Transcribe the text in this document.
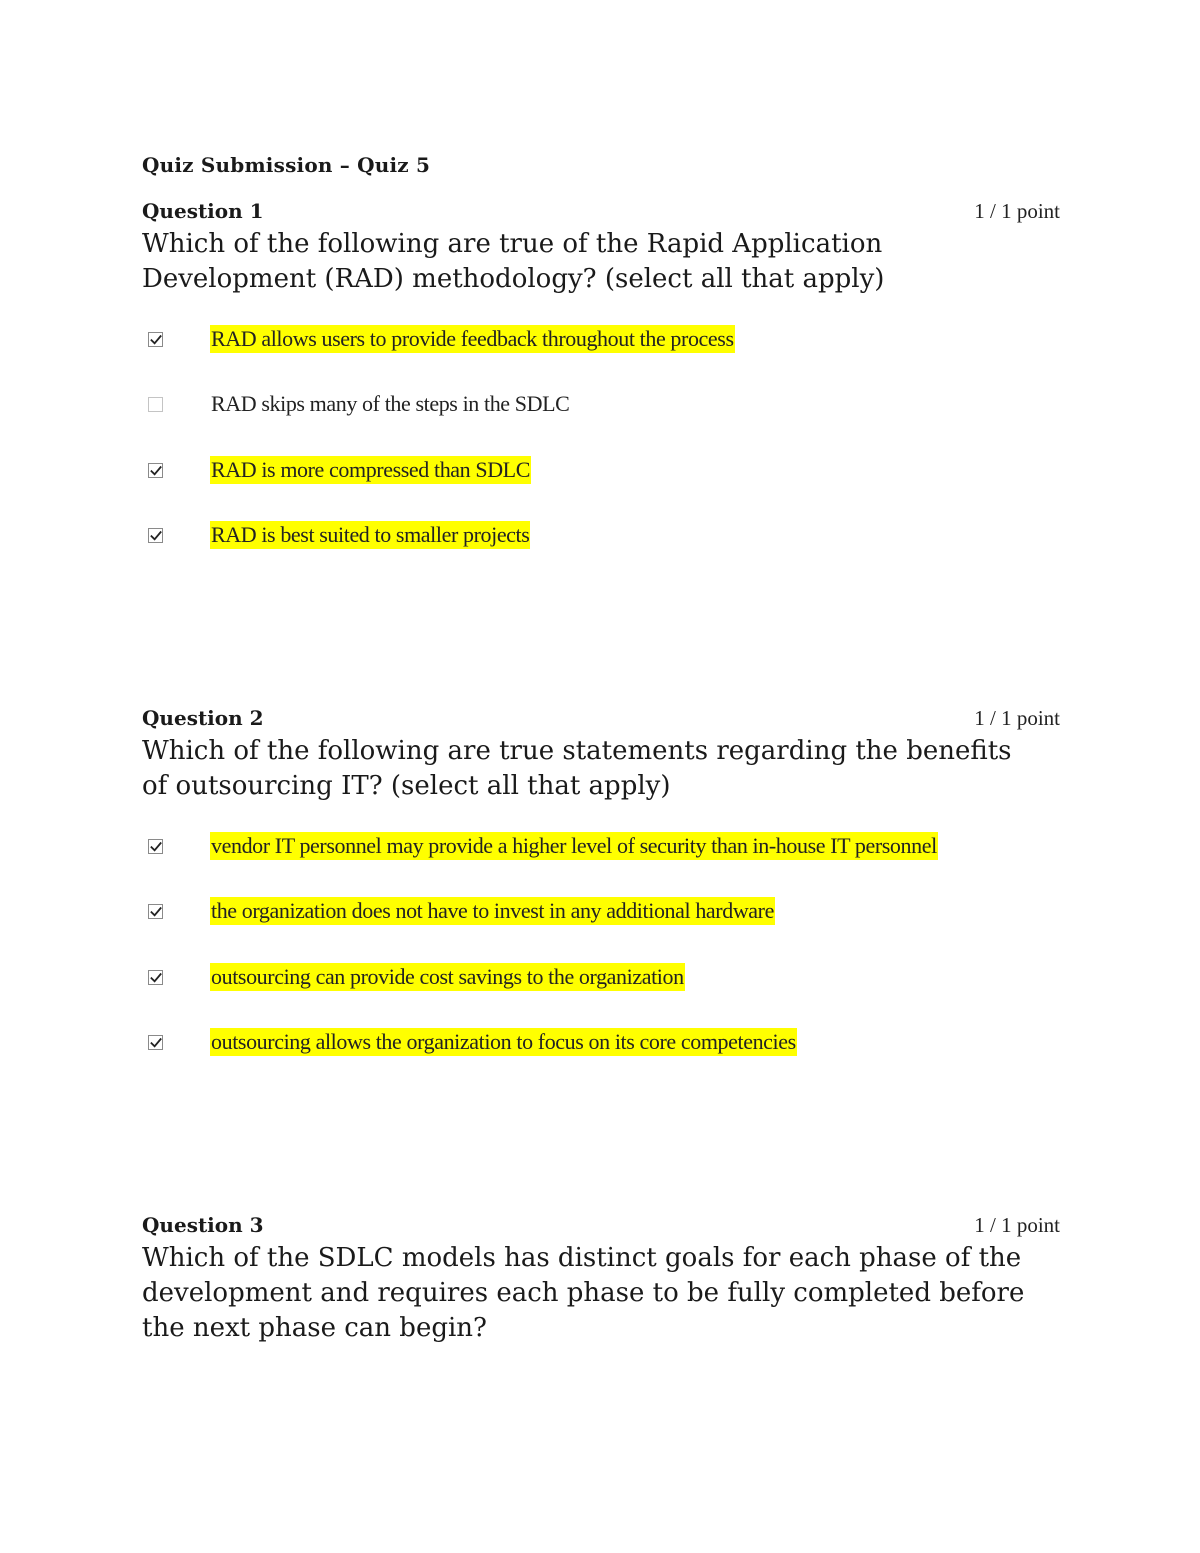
Quiz Submission – Quiz 5
Question 1	1 / 1 point
Which of the following are true of the Rapid Application Development (RAD) methodology? (select all that apply)
RAD allows users to provide feedback throughout the process
RAD skips many of the steps in the SDLC
RAD is more compressed than SDLC
RAD is best suited to smaller projects
Question 2	1 / 1 point
Which of the following are true statements regarding the benefits of outsourcing IT? (select all that apply)
vendor IT personnel may provide a higher level of security than in-house IT personnel
the organization does not have to invest in any additional hardware
outsourcing can provide cost savings to the organization
outsourcing allows the organization to focus on its core competencies
Question 3	1 / 1 point
Which of the SDLC models has distinct goals for each phase of the development and requires each phase to be fully completed before the next phase can begin?
